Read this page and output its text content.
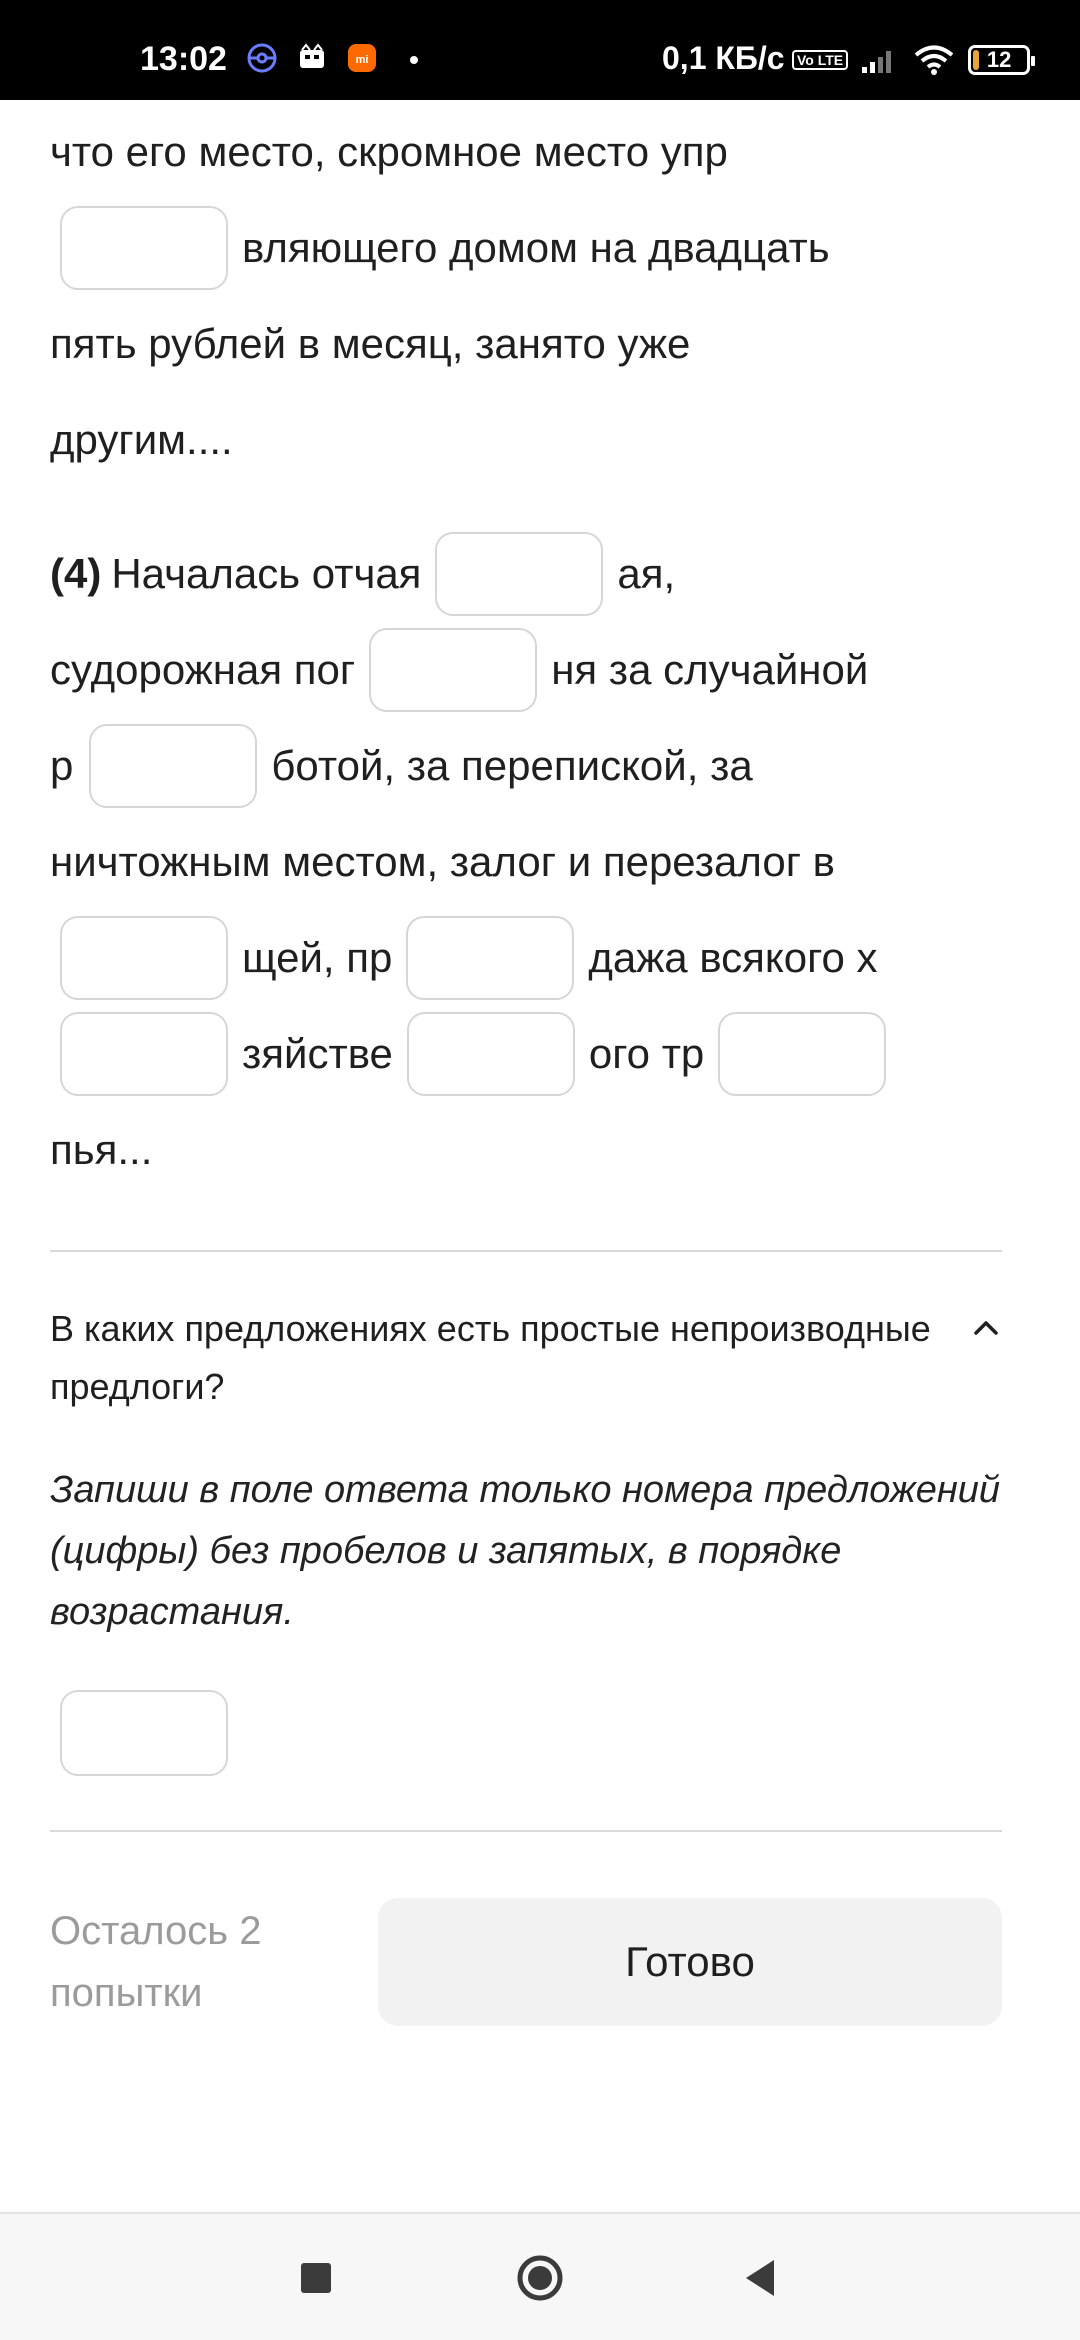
13:02	mi	0,1 КБ/с Vo LTE	12
что его место, скромное место упр
вляющего домом на двадцать
пять рублей в месяц, занято уже
другим....
(4) Началась отчая	ая,
судорожная пог	ня за случайной
р	ботой, за перепиской, за
ничтожным местом, залог и перезалог в
щей, пр	дажа всякого х
зяйстве	ого тр
пья...
В каких предложениях есть простые непроизводные предлоги?
Запиши в поле ответа только номера предложений (цифры) без пробелов и запятых, в порядке возрастания.
Осталось 2 попытки
Готово
